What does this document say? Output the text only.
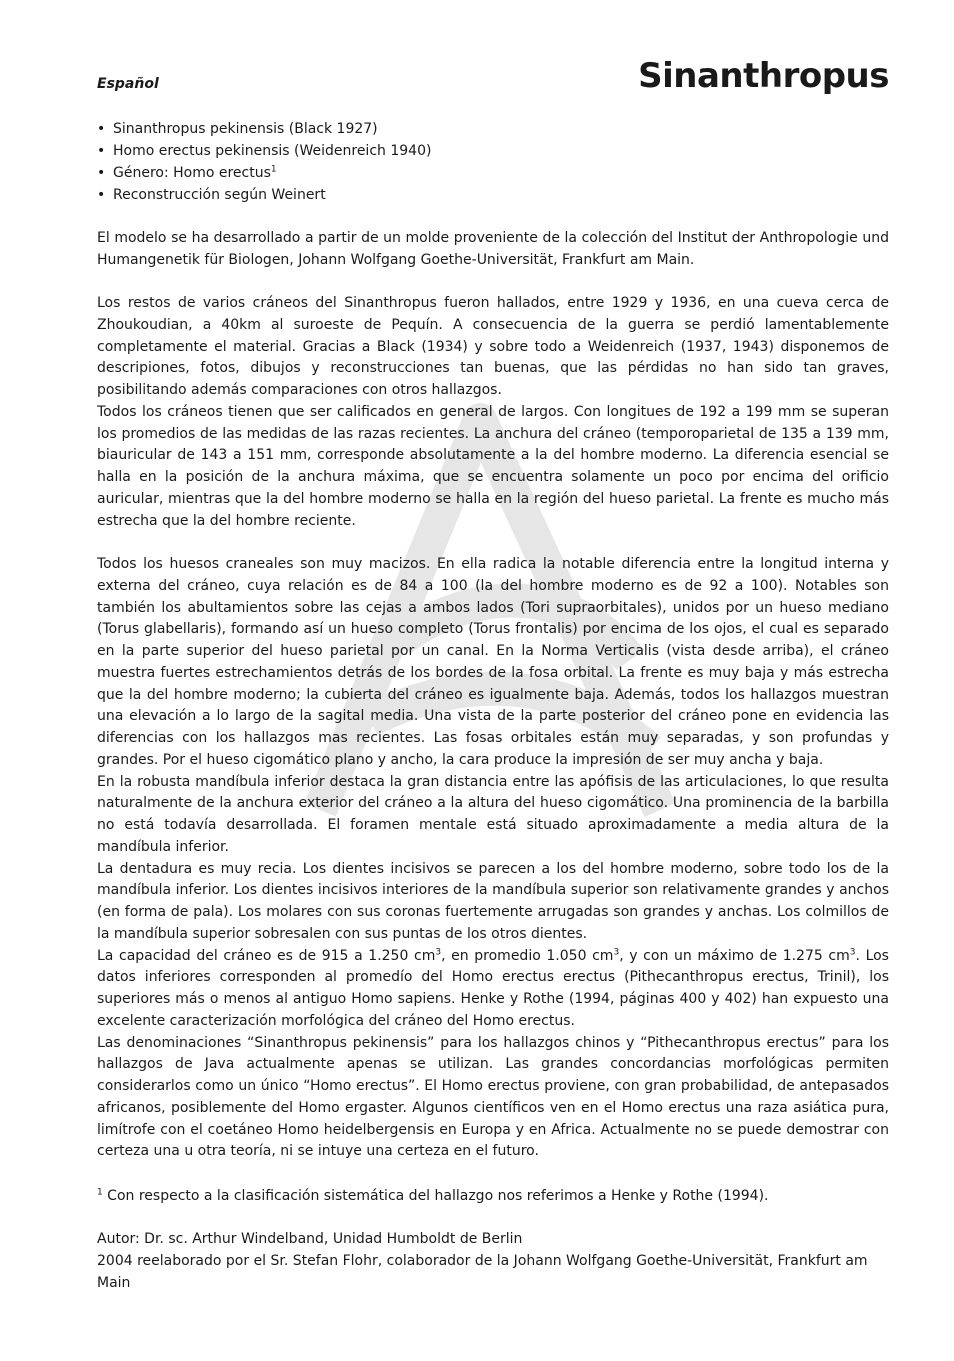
Español	Sinanthropus
• Sinanthropus pekinensis (Black 1927)
• Homo erectus pekinensis (Weidenreich 1940)
• Género: Homo erectus$^1$
• Reconstrucción según Weinert

El modelo se ha desarrollado a partir de un molde proveniente de la colección del Institut der Anthropologie und Humangenetik für Biologen, Johann Wolfgang Goethe-Universität, Frankfurt am Main.

Los restos de varios cráneos del Sinanthropus fueron hallados, entre 1929 y 1936, en una cueva cerca de Zhoukoudian, a 40km al suroeste de Pequín. A consecuencia de la guerra se perdió lamentablemente completamente el material. Gracias a Black (1934) y sobre todo a Weidenreich (1937, 1943) disponemos de descripiones, fotos, dibujos y reconstrucciones tan buenas, que las pérdidas no han sido tan graves, posibilitando además comparaciones con otros hallazgos.

Todos los cráneos tienen que ser calificados en general de largos. Con longitues de 192 a 199 mm se superan los promedios de las medidas de las razas recientes. La anchura del cráneo (temporoparietal de 135 a 139 mm, biauricular de 143 a 151 mm, corresponde absolutamente a la del hombre moderno. La diferencia esencial se halla en la posición de la anchura máxima, que se encuentra solamente un poco por encima del orificio auricular, mientras que la del hombre moderno se halla en la región del hueso parietal. La frente es mucho más estrecha que la del hombre reciente.

Todos los huesos craneales son muy macizos. En ella radica la notable diferencia entre la longitud interna y externa del cráneo, cuya relación es de 84 a 100 (la del hombre moderno es de 92 a 100). Notables son también los abultamientos sobre las cejas a ambos lados (Tori supraorbitales), unidos por un hueso mediano (Torus glabellaris), formando así un hueso completo (Torus frontalis) por encima de los ojos, el cual es separado en la parte superior del hueso parietal por un canal. En la Norma Verticalis (vista desde arriba), el cráneo muestra fuertes estrechamientos detrás de los bordes de la fosa orbital. La frente es muy baja y más estrecha que la del hombre moderno; la cubierta del cráneo es igualmente baja. Además, todos los hallazgos muestran una elevación a lo largo de la sagital media. Una vista de la parte posterior del cráneo pone en evidencia las diferencias con los hallazgos mas recientes. Las fosas orbitales están muy separadas, y son profundas y grandes. Por el hueso cigomático plano y ancho, la cara produce la impresión de ser muy ancha y baja.

En la robusta mandíbula inferior destaca la gran distancia entre las apófisis de las articulaciones, lo que resulta naturalmente de la anchura exterior del cráneo a la altura del hueso cigomático. Una prominencia de la barbilla no está todavía desarrollada. El foramen mentale está situado aproximadamente a media altura de la mandíbula inferior.

La dentadura es muy recia. Los dientes incisivos se parecen a los del hombre moderno, sobre todo los de la mandíbula inferior. Los dientes incisivos interiores de la mandíbula superior son relativamente grandes y anchos (en forma de pala). Los molares con sus coronas fuertemente arrugadas son grandes y anchas. Los colmillos de la mandíbula superior sobresalen con sus puntas de los otros dientes.

La capacidad del cráneo es de 915 a 1.250 $cm^3$, en promedio 1.050 $cm^3$, y con un máximo de 1.275 $cm^3$. Los datos inferiores corresponden al promedío del Homo erectus erectus (Pithecanthropus erectus, Trinil), los superiores más o menos al antiguo Homo sapiens. Henke y Rothe (1994, páginas 400 y 402) han expuesto una excelente caracterización morfológica del cráneo del Homo erectus.

Las denominaciones “Sinanthropus pekinensis” para los hallazgos chinos y “Pithecanthropus erectus” para los hallazgos de Java actualmente apenas se utilizan. Las grandes concordancias morfológicas permiten considerarlos como un único “Homo erectus”. El Homo erectus proviene, con gran probabilidad, de antepasados africanos, posiblemente del Homo ergaster. Algunos científicos ven en el Homo erectus una raza asiática pura, limítrofe con el coetáneo Homo heidelbergensis en Europa y en Africa. Actualmente no se puede demostrar con certeza una u otra teoría, ni se intuye una certeza en el futuro.

$^1$ Con respecto a la clasificación sistemática del hallazgo nos referimos a Henke y Rothe (1994).
Autor: Dr. sc. Arthur Windelband, Unidad Humboldt de Berlin
2004 reelaborado por el Sr. Stefan Flohr, colaborador de la Johann Wolfgang Goethe-Universität, Frankfurt am Main
